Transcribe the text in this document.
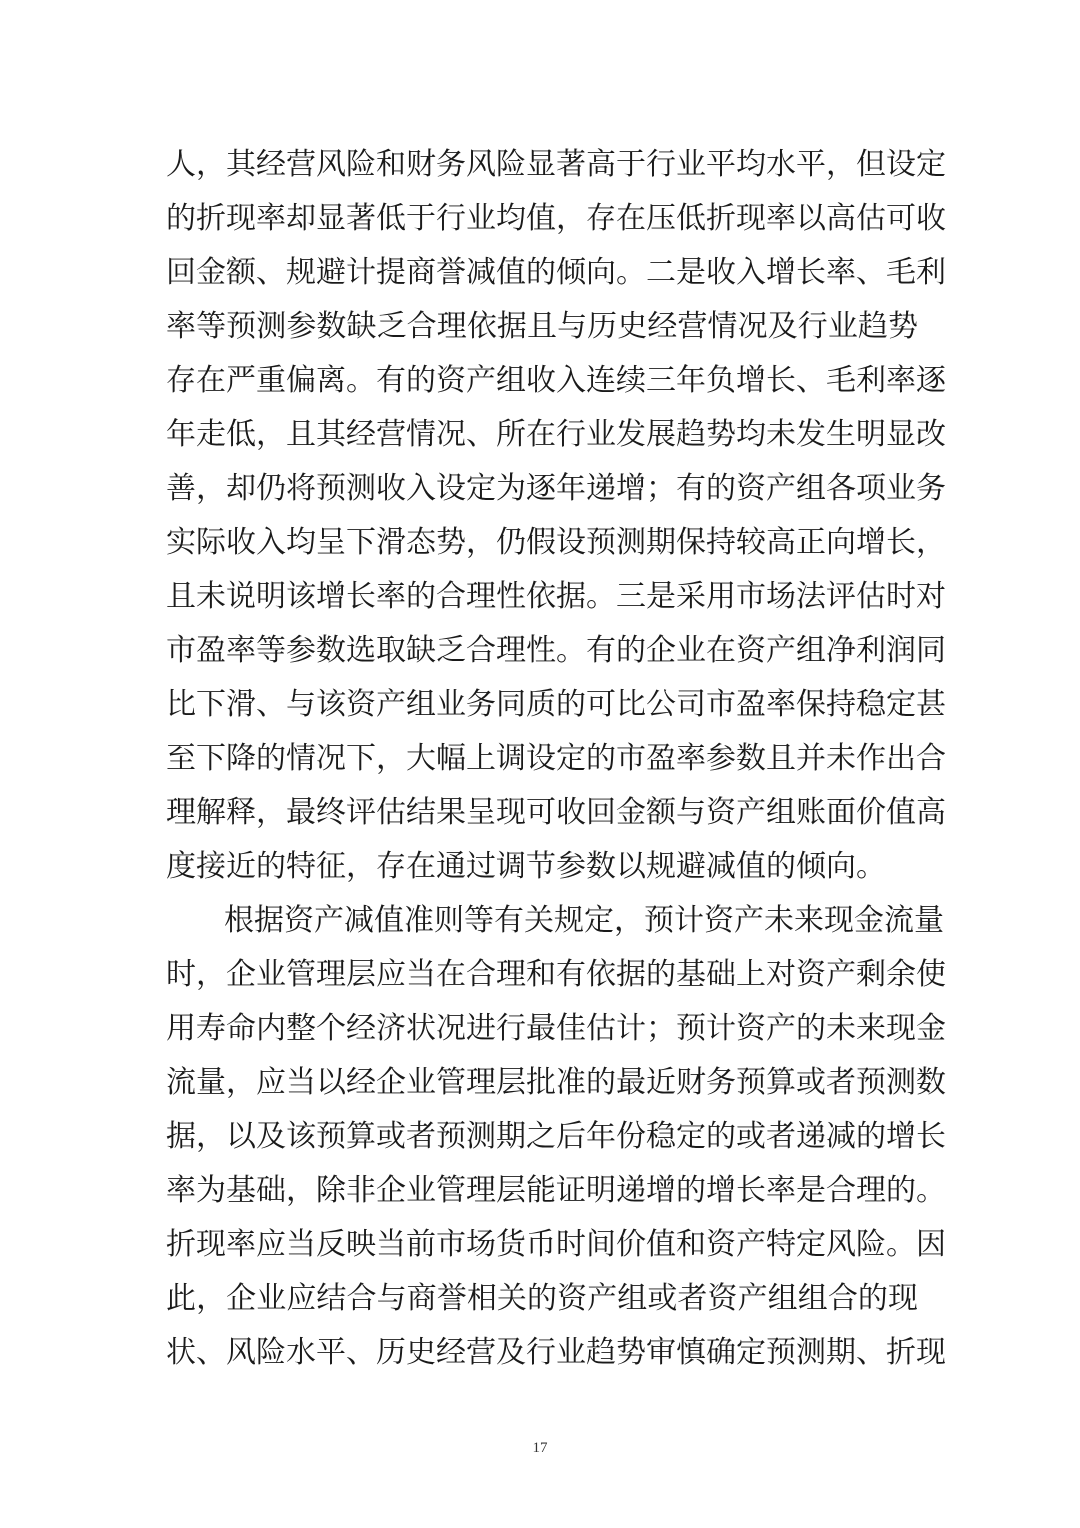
人，其经营风险和财务风险显著高于行业平均水平，但设定
的折现率却显著低于行业均值，存在压低折现率以高估可收
回金额、规避计提商誉减值的倾向。二是收入增长率、毛利
率等预测参数缺乏合理依据且与历史经营情况及行业趋势
存在严重偏离。有的资产组收入连续三年负增长、毛利率逐
年走低，且其经营情况、所在行业发展趋势均未发生明显改
善，却仍将预测收入设定为逐年递增；有的资产组各项业务
实际收入均呈下滑态势，仍假设预测期保持较高正向增长，
且未说明该增长率的合理性依据。三是采用市场法评估时对
市盈率等参数选取缺乏合理性。有的企业在资产组净利润同
比下滑、与该资产组业务同质的可比公司市盈率保持稳定甚
至下降的情况下，大幅上调设定的市盈率参数且并未作出合
理解释，最终评估结果呈现可收回金额与资产组账面价值高
度接近的特征，存在通过调节参数以规避减值的倾向。
根据资产减值准则等有关规定，预计资产未来现金流量
时，企业管理层应当在合理和有依据的基础上对资产剩余使
用寿命内整个经济状况进行最佳估计；预计资产的未来现金
流量，应当以经企业管理层批准的最近财务预算或者预测数
据，以及该预算或者预测期之后年份稳定的或者递减的增长
率为基础，除非企业管理层能证明递增的增长率是合理的。
折现率应当反映当前市场货币时间价值和资产特定风险。因
此，企业应结合与商誉相关的资产组或者资产组组合的现
状、风险水平、历史经营及行业趋势审慎确定预测期、折现
17
